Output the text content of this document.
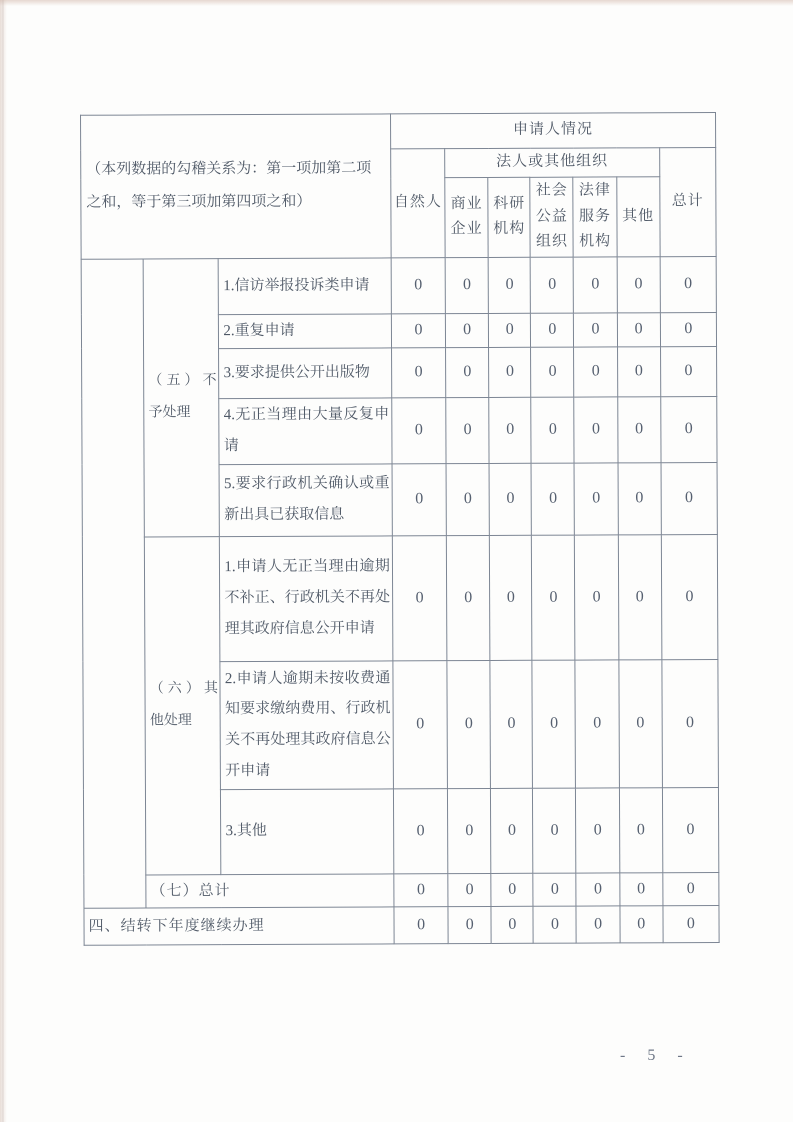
（本列数据的勾稽关系为：第一项加第二项之和，等于第三项加第四项之和）			申请人情况						
			自然人	法人或其他组织					总计
				商业企业	科研机构	社会公益组织	法律服务机构	其他	
	（五）不予处理	1.信访举报投诉类申请	0	0	0	0	0	0	0
		2.重复申请	0	0	0	0	0	0	0
		3.要求提供公开出版物	0	0	0	0	0	0	0
		4.无正当理由大量反复申请	0	0	0	0	0	0	0
		5.要求行政机关确认或重新出具已获取信息	0	0	0	0	0	0	0
	（六）其他处理	1.申请人无正当理由逾期不补正、行政机关不再处理其政府信息公开申请	0	0	0	0	0	0	0
		2.申请人逾期未按收费通知要求缴纳费用、行政机关不再处理其政府信息公开申请	0	0	0	0	0	0	0
		3.其他	0	0	0	0	0	0	0
	（七）总计		0	0	0	0	0	0	0
四、结转下年度继续办理			0	0	0	0	0	0	0
- 5 -
